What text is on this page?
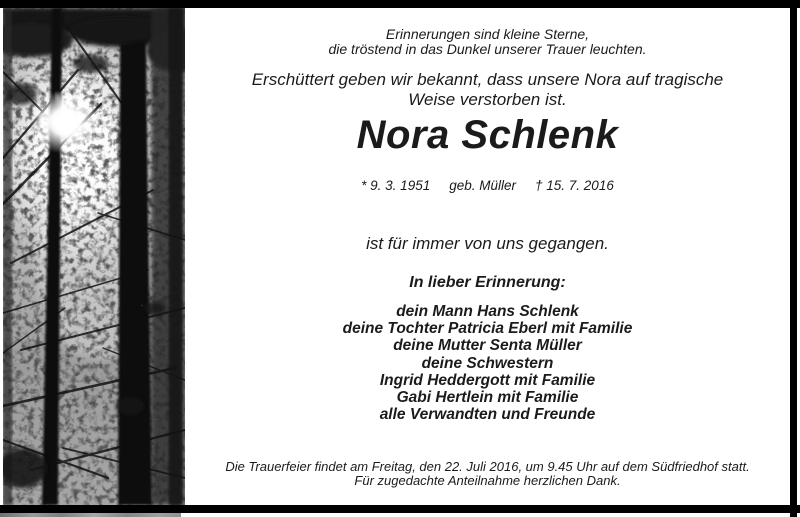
Erinnerungen sind kleine Sterne,
die tröstend in das Dunkel unserer Trauer leuchten.
Erschüttert geben wir bekannt, dass unsere Nora auf tragische
Weise verstorben ist.
Nora Schlenk
* 9. 3. 1951 geb. Müller † 15. 7. 2016
ist für immer von uns gegangen.
In lieber Erinnerung:
dein Mann Hans Schlenk
deine Tochter Patricia Eberl mit Familie
deine Mutter Senta Müller
deine Schwestern
Ingrid Heddergott mit Familie
Gabi Hertlein mit Familie
alle Verwandten und Freunde
Die Trauerfeier findet am Freitag, den 22. Juli 2016, um 9.45 Uhr auf dem Südfriedhof statt.
Für zugedachte Anteilnahme herzlichen Dank.
